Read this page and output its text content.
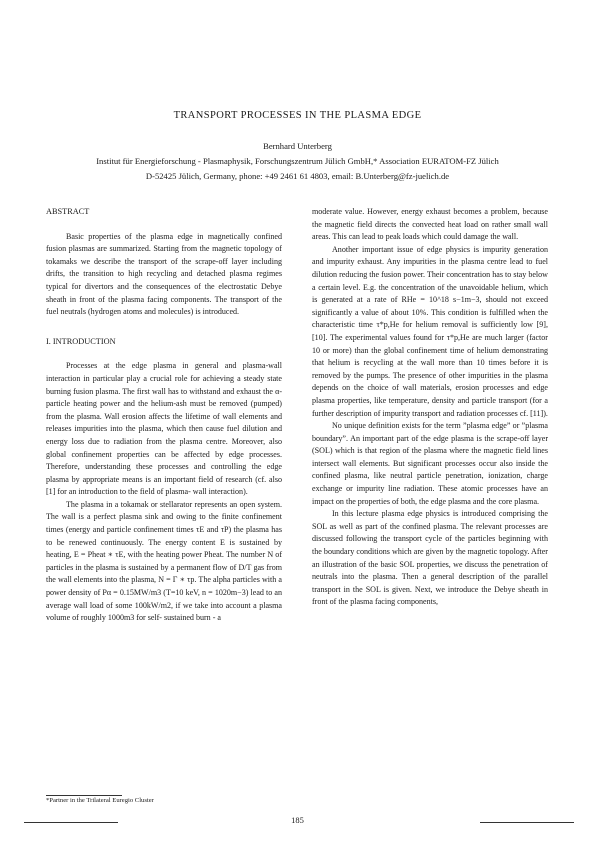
TRANSPORT PROCESSES IN THE PLASMA EDGE
Bernhard Unterberg
Institut für Energieforschung - Plasmaphysik, Forschungszentrum Jülich GmbH,* Association EURATOM-FZ Jülich
D-52425 Jülich, Germany, phone: +49 2461 61 4803, email: B.Unterberg@fz-juelich.de
ABSTRACT

Basic properties of the plasma edge in magnetically confined fusion plasmas are summarized. Starting from the magnetic topology of tokamaks we describe the transport of the scrape-off layer including drifts, the transition to high recycling and detached plasma regimes typical for divertors and the consequences of the electrostatic Debye sheath in front of the plasma facing components. The transport of the fuel neutrals (hydrogen atoms and molecules) is introduced.

I. INTRODUCTION

Processes at the edge plasma in general and plasma-wall interaction in particular play a crucial role for achieving a steady state burning fusion plasma. The first wall has to withstand and exhaust the α- particle heating power and the helium-ash must be removed (pumped) from the plasma. Wall erosion affects the lifetime of wall elements and releases impurities into the plasma, which then cause fuel dilution and energy loss due to radiation from the plasma centre. Moreover, also global confinement properties can be affected by edge processes. Therefore, understanding these processes and controlling the edge plasma by appropriate means is an important field of research (cf. also [1] for an introduction to the field of plasma- wall interaction).

The plasma in a tokamak or stellarator represents an open system. The wall is a perfect plasma sink and owing to the finite confinement times (energy and particle confinement times τE and τP) the plasma has to be renewed continuously. The energy content E is sustained by heating, E = Pheat ∗ τE, with the heating power Pheat. The number N of particles in the plasma is sustained by a permanent flow of D/T gas from the wall elements into the plasma, N = Γ ∗ τp. The alpha particles with a power density of Pα = 0.15MW/m3 (T=10 keV, n = 1020m−3) lead to an average wall load of some 100kW/m2, if we take into account a plasma volume of roughly 1000m3 for self- sustained burn - a

moderate value. However, energy exhaust becomes a problem, because the magnetic field directs the convected heat load on rather small wall areas. This can lead to peak loads which could damage the wall.

Another important issue of edge physics is impurity generation and impurity exhaust. Any impurities in the plasma centre lead to fuel dilution reducing the fusion power. Their concentration has to stay below a certain level. E.g. the concentration of the unavoidable helium, which is generated at a rate of RHe = 10^18 s−1m−3, should not exceed significantly a value of about 10%. This condition is fulfilled when the characteristic time τ*p,He for helium removal is sufficiently low [9], [10]. The experimental values found for τ*p,He are much larger (factor 10 or more) than the global confinement time of helium demonstrating that helium is recycling at the wall more than 10 times before it is removed by the pumps. The presence of other impurities in the plasma depends on the choice of wall materials, erosion processes and edge plasma properties, like temperature, density and particle transport (for a further description of impurity transport and radiation processes cf. [11]).

No unique definition exists for the term ”plasma edge” or ”plasma boundary”. An important part of the edge plasma is the scrape-off layer (SOL) which is that region of the plasma where the magnetic field lines intersect wall elements. But significant processes occur also inside the confined plasma, like neutral particle penetration, ionization, charge exchange or impurity line radiation. These atomic processes have an impact on the properties of both, the edge plasma and the core plasma.

In this lecture plasma edge physics is introduced comprising the SOL as well as part of the confined plasma. The relevant processes are discussed following the transport cycle of the particles beginning with the boundary conditions which are given by the magnetic topology. After an illustration of the basic SOL properties, we discuss the penetration of neutrals into the plasma. Then a general description of the parallel transport in the SOL is given. Next, we introduce the Debye sheath in front of the plasma facing components,

*Partner in the Trilateral Euregio Cluster
185
